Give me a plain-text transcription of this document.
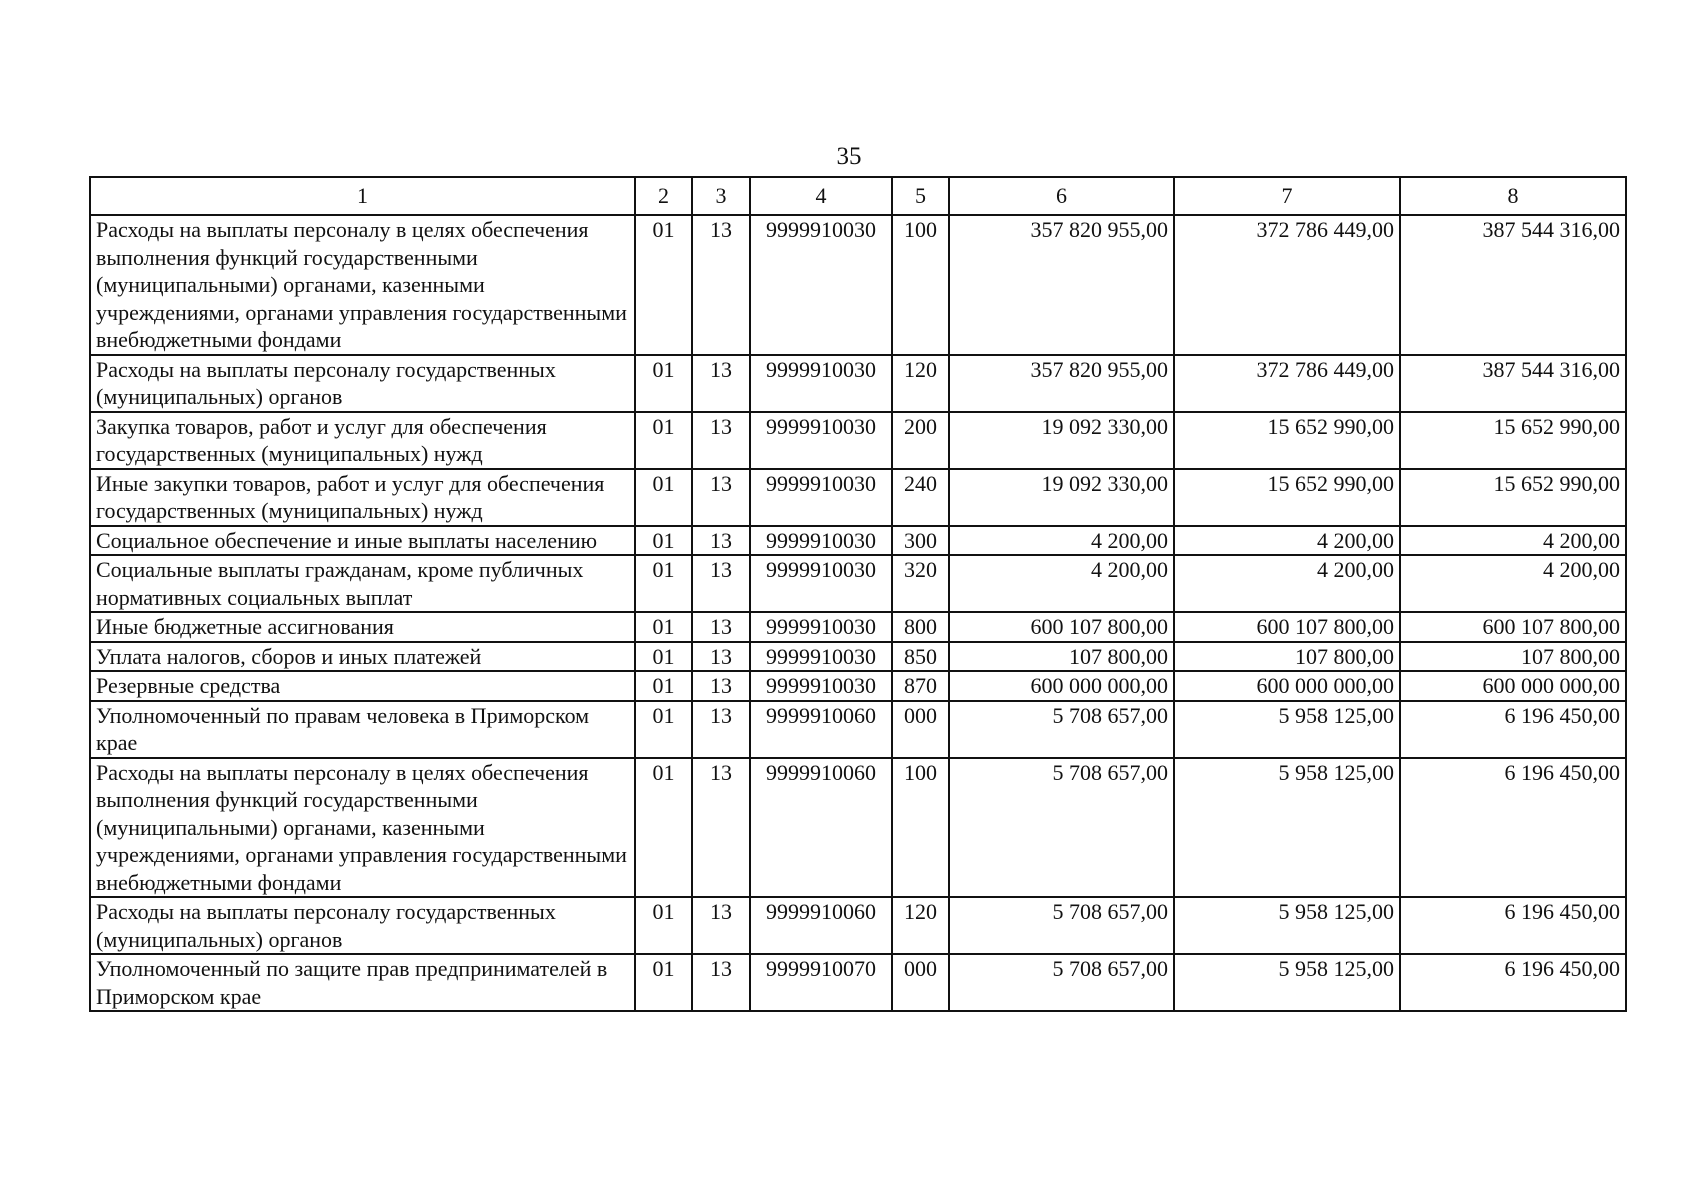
35
1	2	3	4	5	6	7	8
Расходы на выплаты персоналу в целях обеспечения выполнения функций государственными (муниципальными) органами, казенными учреждениями, органами управления государственными внебюджетными фондами	01	13	9999910030	100	357 820 955,00	372 786 449,00	387 544 316,00
Расходы на выплаты персоналу государственных (муниципальных) органов	01	13	9999910030	120	357 820 955,00	372 786 449,00	387 544 316,00
Закупка товаров, работ и услуг для обеспечения государственных (муниципальных) нужд	01	13	9999910030	200	19 092 330,00	15 652 990,00	15 652 990,00
Иные закупки товаров, работ и услуг для обеспечения государственных (муниципальных) нужд	01	13	9999910030	240	19 092 330,00	15 652 990,00	15 652 990,00
Социальное обеспечение и иные выплаты населению	01	13	9999910030	300	4 200,00	4 200,00	4 200,00
Социальные выплаты гражданам, кроме публичных нормативных социальных выплат	01	13	9999910030	320	4 200,00	4 200,00	4 200,00
Иные бюджетные ассигнования	01	13	9999910030	800	600 107 800,00	600 107 800,00	600 107 800,00
Уплата налогов, сборов и иных платежей	01	13	9999910030	850	107 800,00	107 800,00	107 800,00
Резервные средства	01	13	9999910030	870	600 000 000,00	600 000 000,00	600 000 000,00
Уполномоченный по правам человека в Приморском крае	01	13	9999910060	000	5 708 657,00	5 958 125,00	6 196 450,00
Расходы на выплаты персоналу в целях обеспечения выполнения функций государственными (муниципальными) органами, казенными учреждениями, органами управления государственными внебюджетными фондами	01	13	9999910060	100	5 708 657,00	5 958 125,00	6 196 450,00
Расходы на выплаты персоналу государственных (муниципальных) органов	01	13	9999910060	120	5 708 657,00	5 958 125,00	6 196 450,00
Уполномоченный по защите прав предпринимателей в Приморском крае	01	13	9999910070	000	5 708 657,00	5 958 125,00	6 196 450,00
